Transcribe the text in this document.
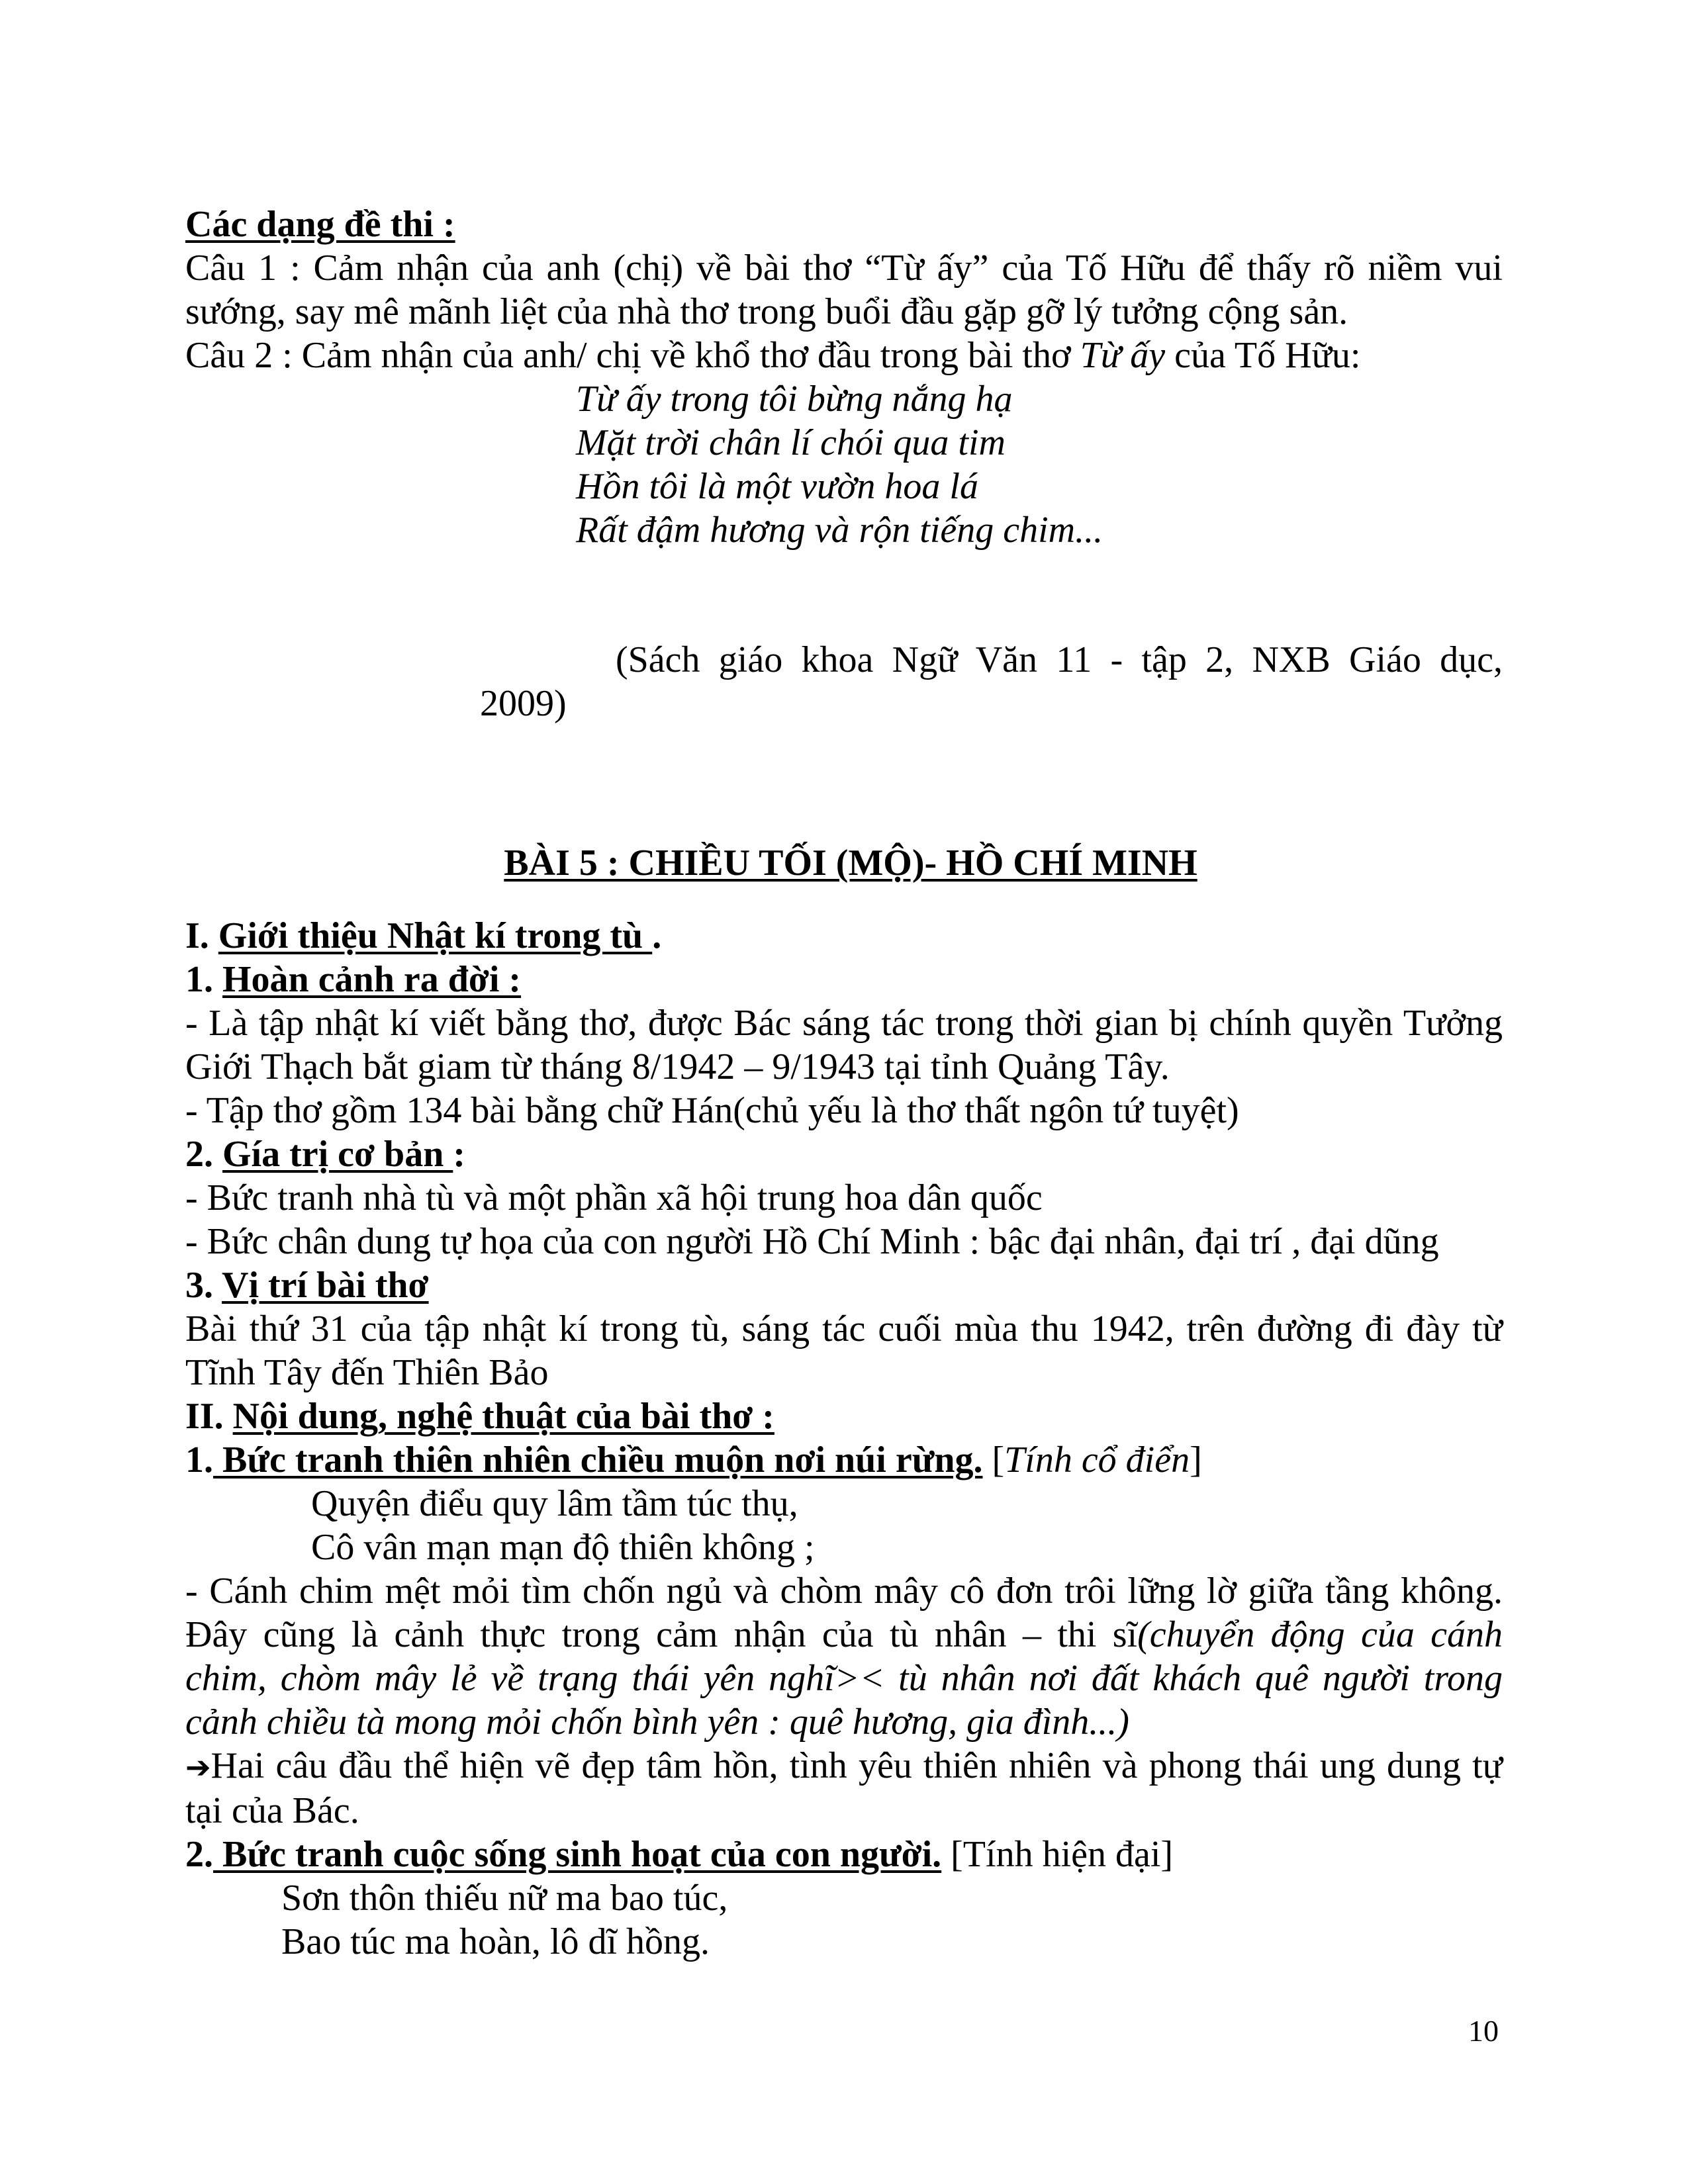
Các dạng đề thi :

Câu 1 : Cảm nhận của anh (chị) về bài thơ “Từ ấy” của Tố Hữu để thấy rõ niềm vui

sướng, say mê mãnh liệt của nhà thơ trong buổi đầu gặp gỡ lý tưởng cộng sản.

Câu 2 : Cảm nhận của anh/ chị về khổ thơ đầu trong bài thơ Từ ấy của Tố Hữu:

Từ ấy trong tôi bừng nắng hạ

Mặt trời chân lí chói qua tim

Hồn tôi là một vườn hoa lá

Rất đậm hương và rộn tiếng chim...

(Sách giáo khoa Ngữ Văn 11 - tập 2, NXB Giáo dục,

2009)

BÀI 5 : CHIỀU TỐI (MỘ)- HỒ CHÍ MINH

I. Giới thiệu Nhật kí trong tù .

1. Hoàn cảnh ra đời :

- Là tập nhật kí viết bằng thơ, được Bác sáng tác trong thời gian bị chính quyền Tưởng

Giới Thạch bắt giam từ tháng 8/1942 – 9/1943 tại tỉnh Quảng Tây.

- Tập thơ gồm 134 bài bằng chữ Hán(chủ yếu là thơ thất ngôn tứ tuyệt)

2. Gía trị cơ bản :

- Bức tranh nhà tù và một phần xã hội trung hoa dân quốc

- Bức chân dung tự họa của con người Hồ Chí Minh : bậc đại nhân, đại trí , đại dũng

3. Vị trí bài thơ

Bài thứ 31 của tập nhật kí trong tù, sáng tác cuối mùa thu 1942, trên đường đi đày từ

Tĩnh Tây đến Thiên Bảo

II. Nội dung, nghệ thuật của bài thơ :

1. Bức tranh thiên nhiên chiều muộn nơi núi rừng. [Tính cổ điển]

Quyện điểu quy lâm tầm túc thụ,

Cô vân mạn mạn độ thiên không ;

- Cánh chim mệt mỏi tìm chốn ngủ và chòm mây cô đơn trôi lững lờ giữa tầng không.

Đây cũng là cảnh thực trong cảm nhận của tù nhân – thi sĩ(chuyển động của cánh

chim, chòm mây lẻ về trạng thái yên nghĩ>< tù nhân nơi đất khách quê người trong

cảnh chiều tà mong mỏi chốn bình yên : quê hương, gia đình...)

➔Hai câu đầu thể hiện vẽ đẹp tâm hồn, tình yêu thiên nhiên và phong thái ung dung tự

tại của Bác.

2. Bức tranh cuộc sống sinh hoạt của con người. [Tính hiện đại]

Sơn thôn thiếu nữ ma bao túc,

Bao túc ma hoàn, lô dĩ hồng.

10
